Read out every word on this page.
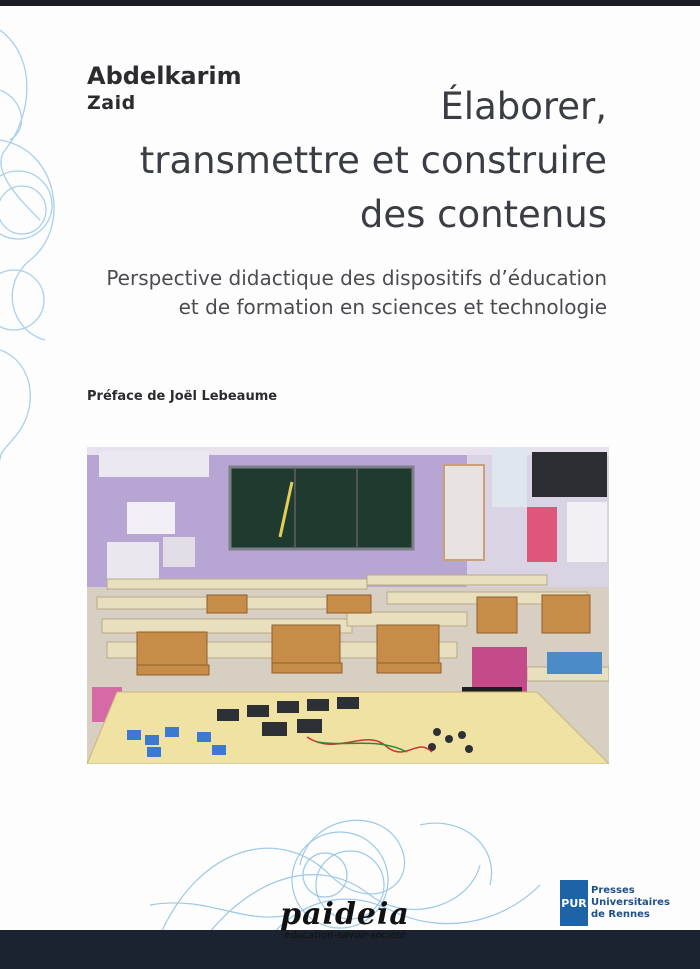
Abdelkarim
Zaid	Élaborer,
transmettre et construire
des contenus
Perspective didactique des dispositifs d’éducation
et de formation en sciences et technologie
Préface de Joël Lebeaume
paideia
éducation-savoir-société
PUR
Presses
Universitaires
de Rennes
